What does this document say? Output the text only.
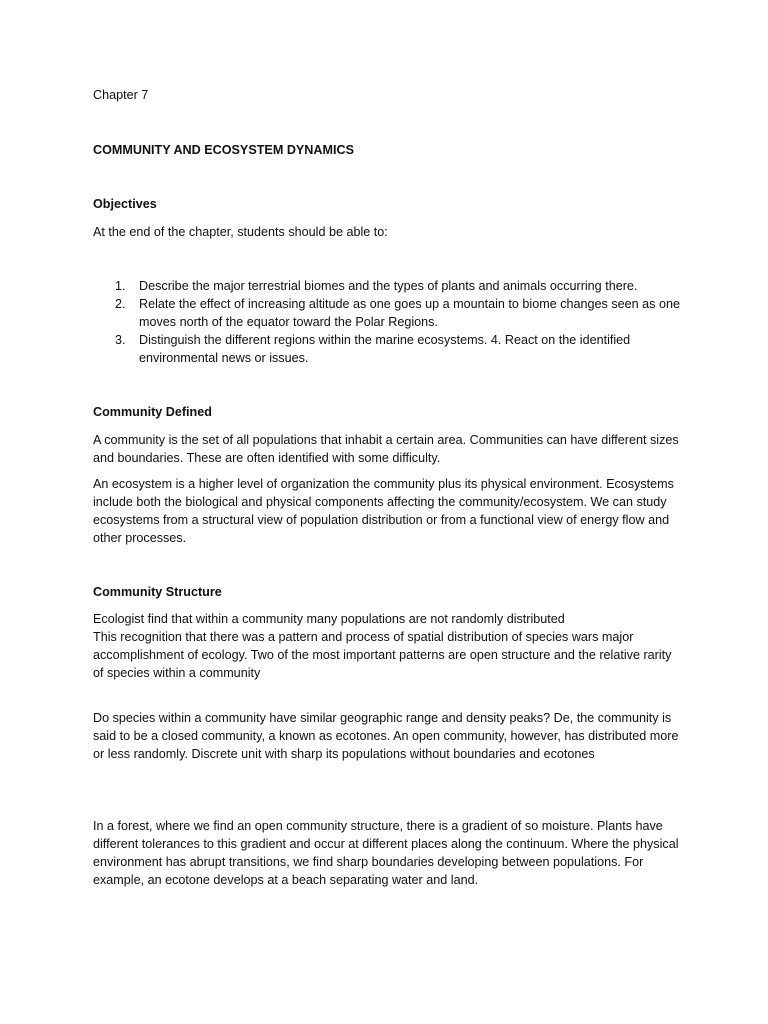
Chapter 7

COMMUNITY AND ECOSYSTEM DYNAMICS

Objectives

At the end of the chapter, students should be able to:

1. Describe the major terrestrial biomes and the types of plants and animals occurring there.
2. Relate the effect of increasing altitude as one goes up a mountain to biome changes seen as one moves north of the equator toward the Polar Regions.
3. Distinguish the different regions within the marine ecosystems. 4. React on the identified environmental news or issues.

Community Defined

A community is the set of all populations that inhabit a certain area. Communities can have different sizes and boundaries. These are often identified with some difficulty.

An ecosystem is a higher level of organization the community plus its physical environment. Ecosystems include both the biological and physical components affecting the community/ecosystem. We can study ecosystems from a structural view of population distribution or from a functional view of energy flow and other processes.

Community Structure

Ecologist find that within a community many populations are not randomly distributed
This recognition that there was a pattern and process of spatial distribution of species wars major accomplishment of ecology. Two of the most important patterns are open structure and the relative rarity of species within a community

Do species within a community have similar geographic range and density peaks? De, the community is said to be a closed community, a known as ecotones. An open community, however, has distributed more or less randomly. Discrete unit with sharp its populations without boundaries and ecotones

In a forest, where we find an open community structure, there is a gradient of so moisture. Plants have different tolerances to this gradient and occur at different places along the continuum. Where the physical environment has abrupt transitions, we find sharp boundaries developing between populations. For example, an ecotone develops at a beach separating water and land.
